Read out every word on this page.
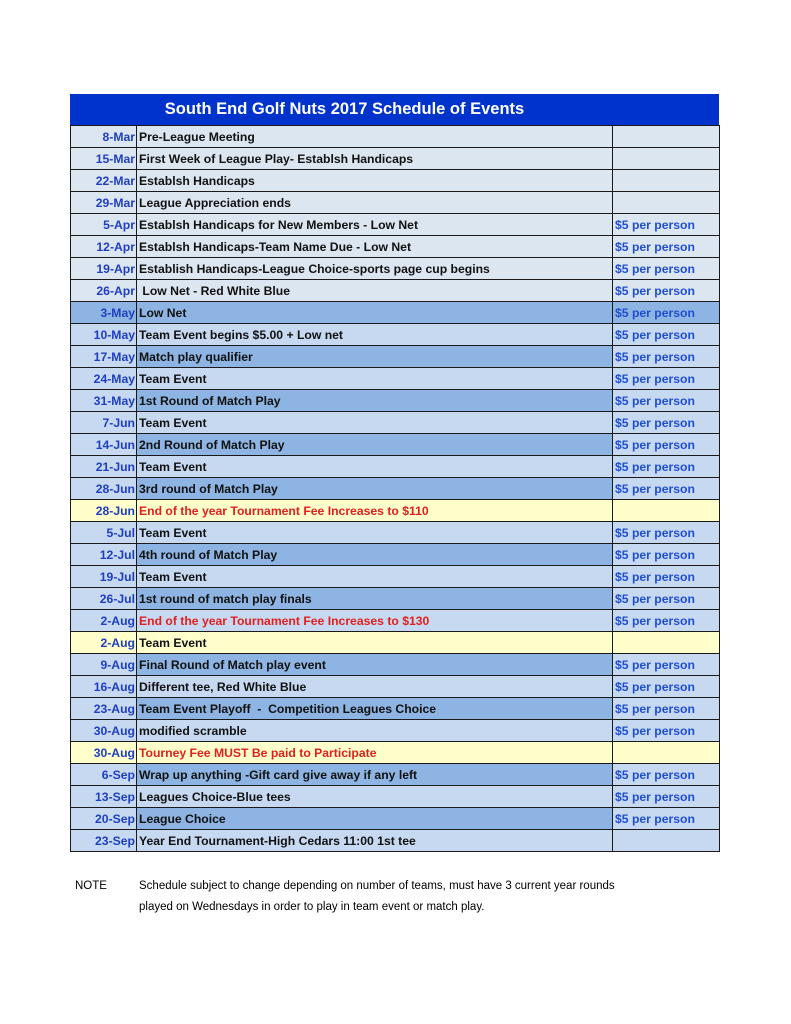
South End Golf Nuts 2017 Schedule of Events
8-Mar	Pre-League Meeting	
15-Mar	First Week of League Play- Establsh Handicaps	
22-Mar	Establsh Handicaps	
29-Mar	League Appreciation ends	
5-Apr	Establsh Handicaps for New Members - Low Net	$5 per person
12-Apr	Establsh Handicaps-Team Name Due - Low Net	$5 per person
19-Apr	Establish Handicaps-League Choice-sports page cup begins	$5 per person
26-Apr	Low Net - Red White Blue	$5 per person
3-May	Low Net	$5 per person
10-May	Team Event begins $5.00 + Low net	$5 per person
17-May	Match play qualifier	$5 per person
24-May	Team Event	$5 per person
31-May	1st Round of Match Play	$5 per person
7-Jun	Team Event	$5 per person
14-Jun	2nd Round of Match Play	$5 per person
21-Jun	Team Event	$5 per person
28-Jun	3rd round of Match Play	$5 per person
28-Jun	End of the year Tournament Fee Increases to $110	
5-Jul	Team Event	$5 per person
12-Jul	4th round of Match Play	$5 per person
19-Jul	Team Event	$5 per person
26-Jul	1st round of match play finals	$5 per person
2-Aug	End of the year Tournament Fee Increases to $130	$5 per person
2-Aug	Team Event	
9-Aug	Final Round of Match play event	$5 per person
16-Aug	Different tee, Red White Blue	$5 per person
23-Aug	Team Event Playoff  -  Competition Leagues Choice	$5 per person
30-Aug	modified scramble	$5 per person
30-Aug	Tourney Fee MUST Be paid to Participate	
6-Sep	Wrap up anything -Gift card give away if any left	$5 per person
13-Sep	Leagues Choice-Blue tees	$5 per person
20-Sep	League Choice	$5 per person
23-Sep	Year End Tournament-High Cedars 11:00 1st tee	
NOTE	Schedule subject to change depending on number of teams, must have 3 current year rounds
played on Wednesdays in order to play in team event or match play.
